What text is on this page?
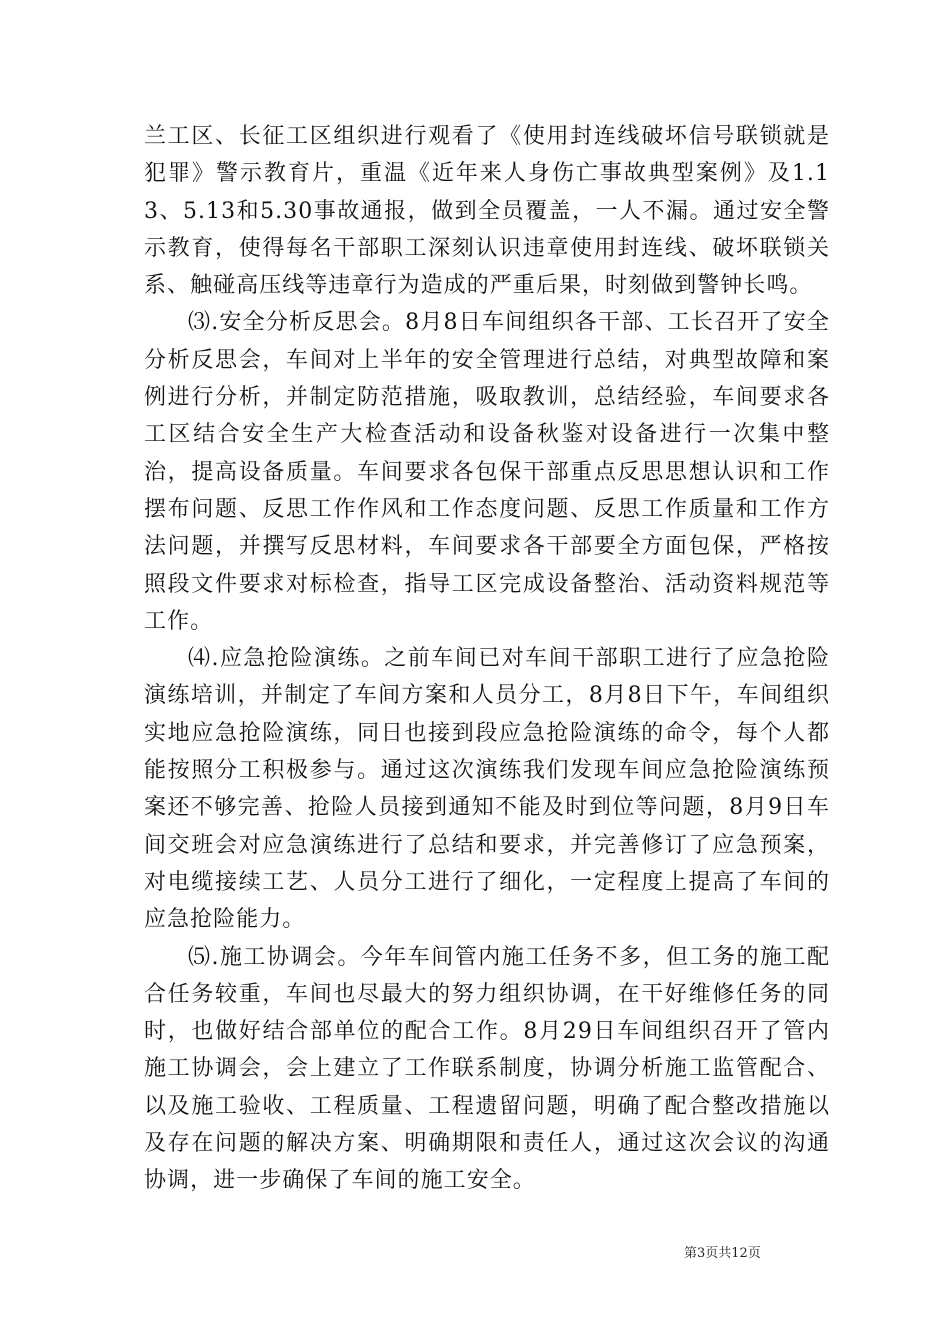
兰工区、长征工区组织进行观看了《使用封连线破坏信号联锁就是犯罪》警示教育片，重温《近年来人身伤亡事故典型案例》及1.13、5.13和5.30事故通报，做到全员覆盖，一人不漏。通过安全警示教育，使得每名干部职工深刻认识违章使用封连线、破坏联锁关系、触碰高压线等违章行为造成的严重后果，时刻做到警钟长鸣。

⑶.安全分析反思会。8月8日车间组织各干部、工长召开了安全分析反思会，车间对上半年的安全管理进行总结，对典型故障和案例进行分析，并制定防范措施，吸取教训，总结经验，车间要求各工区结合安全生产大检查活动和设备秋鉴对设备进行一次集中整治，提高设备质量。车间要求各包保干部重点反思思想认识和工作摆布问题、反思工作作风和工作态度问题、反思工作质量和工作方法问题，并撰写反思材料，车间要求各干部要全方面包保，严格按照段文件要求对标检查，指导工区完成设备整治、活动资料规范等工作。

⑷.应急抢险演练。之前车间已对车间干部职工进行了应急抢险演练培训，并制定了车间方案和人员分工，8月8日下午，车间组织实地应急抢险演练，同日也接到段应急抢险演练的命令，每个人都能按照分工积极参与。通过这次演练我们发现车间应急抢险演练预案还不够完善、抢险人员接到通知不能及时到位等问题，8月9日车间交班会对应急演练进行了总结和要求，并完善修订了应急预案，对电缆接续工艺、人员分工进行了细化，一定程度上提高了车间的应急抢险能力。

⑸.施工协调会。今年车间管内施工任务不多，但工务的施工配合任务较重，车间也尽最大的努力组织协调，在干好维修任务的同时，也做好结合部单位的配合工作。8月29日车间组织召开了管内施工协调会，会上建立了工作联系制度，协调分析施工监管配合、以及施工验收、工程质量、工程遗留问题，明确了配合整改措施以及存在问题的解决方案、明确期限和责任人，通过这次会议的沟通协调，进一步确保了车间的施工安全。

第3页共12页
